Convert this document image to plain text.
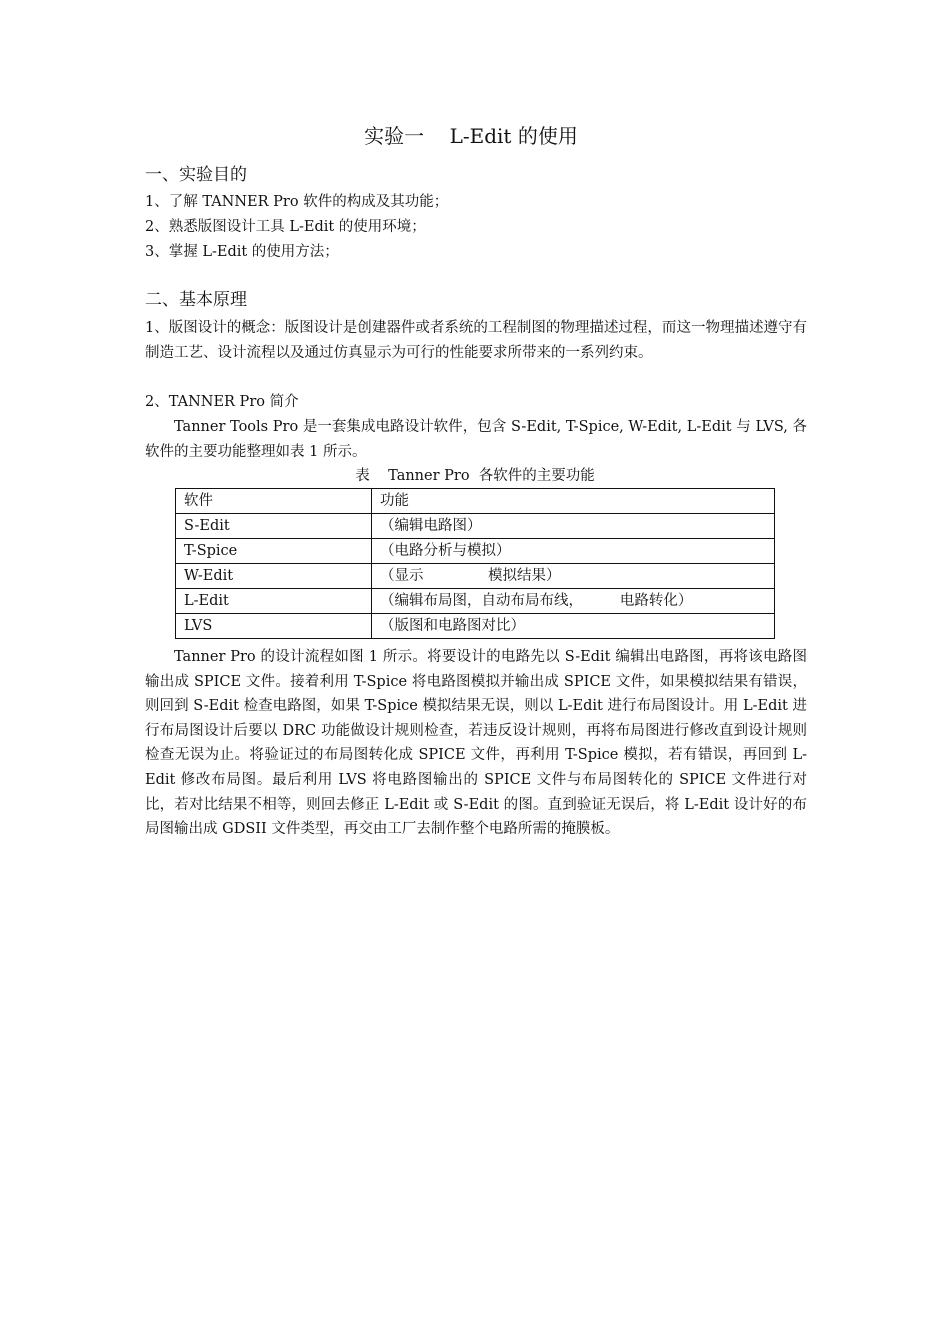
实验一    L-Edit 的使用
一、实验目的
1、了解 TANNER Pro 软件的构成及其功能；
2、熟悉版图设计工具 L-Edit 的使用环境；
3、掌握 L-Edit 的使用方法；
二、基本原理
1、版图设计的概念：版图设计是创建器件或者系统的工程制图的物理描述过程，而这一物理描述遵守有制造工艺、设计流程以及通过仿真显示为可行的性能要求所带来的一系列约束。
2、TANNER Pro 简介
Tanner Tools Pro 是一套集成电路设计软件，包含 S-Edit, T-Spice, W-Edit, L-Edit 与 LVS, 各软件的主要功能整理如表 1 所示。
表    Tanner Pro  各软件的主要功能
软件	功能
S-Edit	（编辑电路图）
T-Spice	（电路分析与模拟）
W-Edit	（显示              模拟结果）
L-Edit	（编辑布局图，自动布局布线，        电路转化）
LVS	（版图和电路图对比）
Tanner Pro 的设计流程如图 1 所示。将要设计的电路先以 S-Edit 编辑出电路图，再将该电路图输出成 SPICE 文件。接着利用 T-Spice 将电路图模拟并输出成 SPICE 文件，如果模拟结果有错误，则回到 S-Edit 检查电路图，如果 T-Spice 模拟结果无误，则以 L-Edit 进行布局图设计。用 L-Edit 进行布局图设计后要以 DRC 功能做设计规则检查，若违反设计规则，再将布局图进行修改直到设计规则检查无误为止。将验证过的布局图转化成 SPICE 文件，再利用 T-Spice 模拟，若有错误，再回到 L-Edit 修改布局图。最后利用 LVS 将电路图输出的 SPICE 文件与布局图转化的 SPICE 文件进行对比，若对比结果不相等，则回去修正 L-Edit 或 S-Edit 的图。直到验证无误后，将 L-Edit 设计好的布局图输出成 GDSII 文件类型，再交由工厂去制作整个电路所需的掩膜板。
